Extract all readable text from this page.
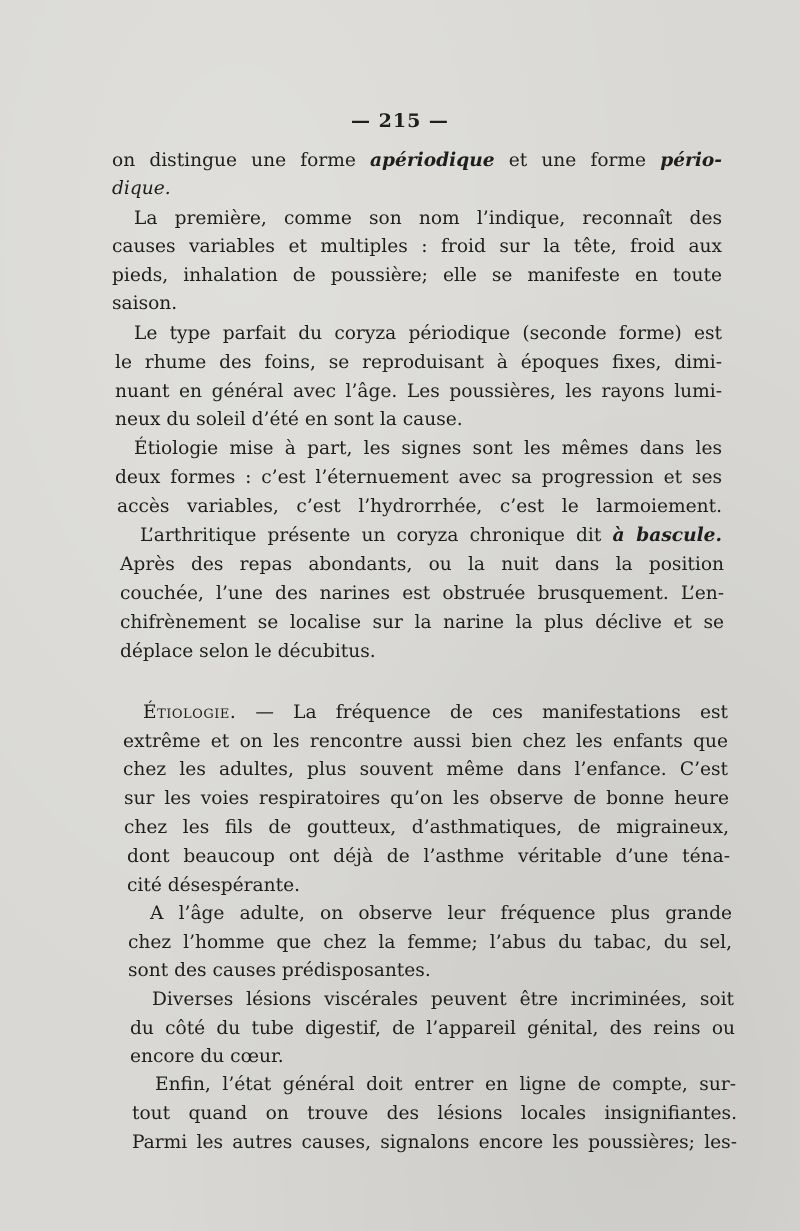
— 215 —
on distingue une forme apériodique et une forme pério-
dique.
La première, comme son nom l’indique, reconnaît des
causes variables et multiples : froid sur la tête, froid aux
pieds, inhalation de poussière; elle se manifeste en toute
saison.
Le type parfait du coryza périodique (seconde forme) est
le rhume des foins, se reproduisant à époques fixes, dimi-
nuant en général avec l’âge. Les poussières, les rayons lumi-
neux du soleil d’été en sont la cause.
Étiologie mise à part, les signes sont les mêmes dans les
deux formes : c’est l’éternuement avec sa progression et ses
accès variables, c’est l’hydrorrhée, c’est le larmoiement.
L’arthritique présente un coryza chronique dit à bascule.
Après des repas abondants, ou la nuit dans la position
couchée, l’une des narines est obstruée brusquement. L’en-
chifrènement se localise sur la narine la plus déclive et se
déplace selon le décubitus.
Étiologie. — La fréquence de ces manifestations est
extrême et on les rencontre aussi bien chez les enfants que
chez les adultes, plus souvent même dans l’enfance. C’est
sur les voies respiratoires qu’on les observe de bonne heure
chez les fils de goutteux, d’asthmatiques, de migraineux,
dont beaucoup ont déjà de l’asthme véritable d’une téna-
cité désespérante.
A l’âge adulte, on observe leur fréquence plus grande
chez l’homme que chez la femme; l’abus du tabac, du sel,
sont des causes prédisposantes.
Diverses lésions viscérales peuvent être incriminées, soit
du côté du tube digestif, de l’appareil génital, des reins ou
encore du cœur.
Enfin, l’état général doit entrer en ligne de compte, sur-
tout quand on trouve des lésions locales insignifiantes.
Parmi les autres causes, signalons encore les poussières; les-
